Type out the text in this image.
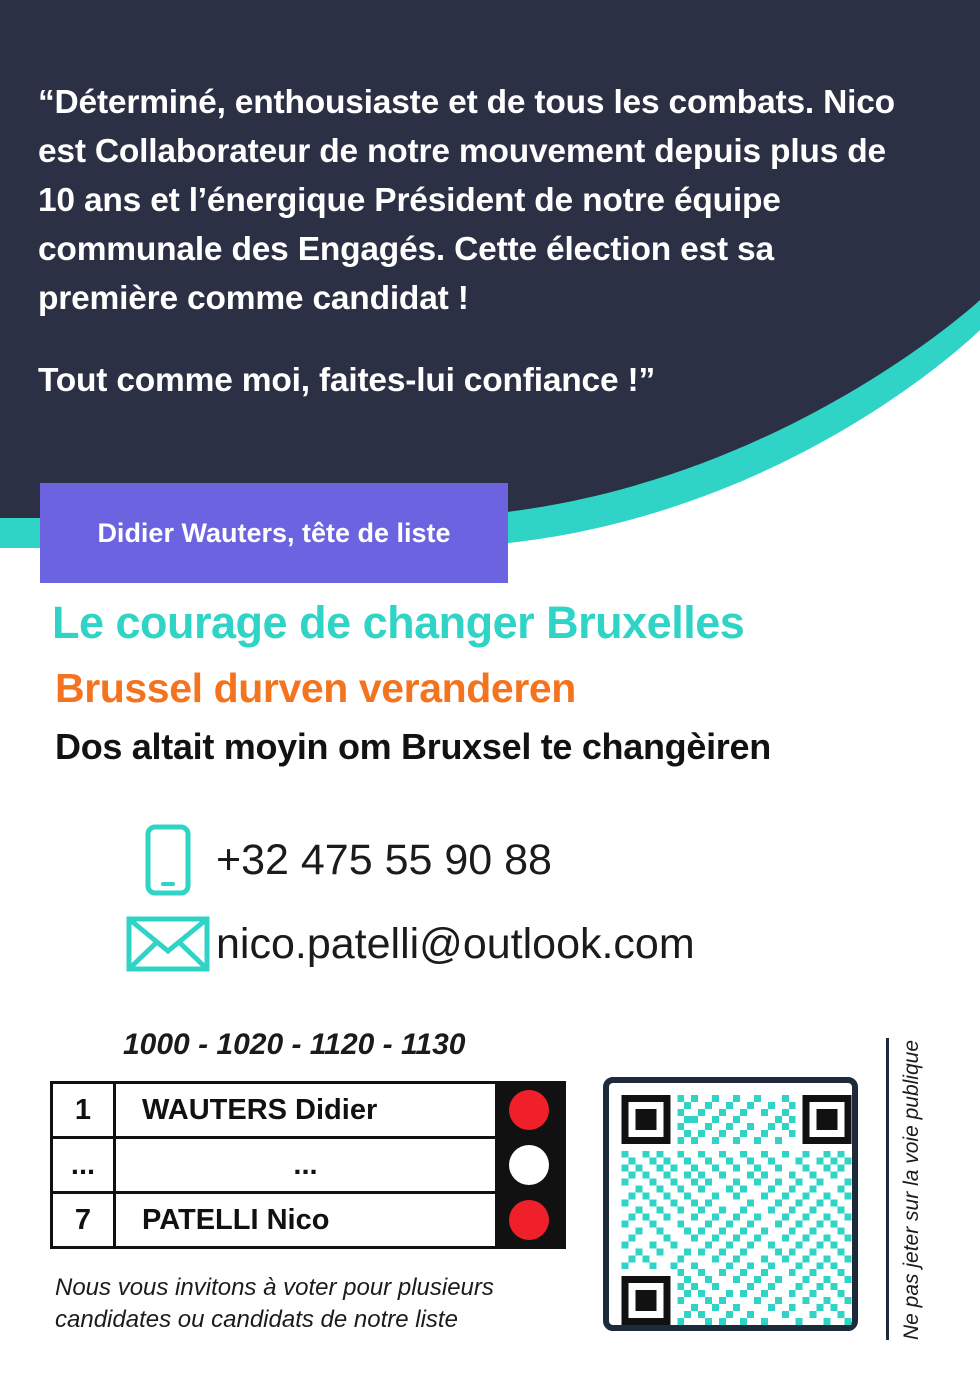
“Déterminé, enthousiaste et de tous les combats. Nico est Collaborateur de notre mouvement depuis plus de 10 ans et l’énergique Président de notre équipe communale des Engagés. Cette élection est sa première comme candidat !

Tout comme moi, faites-lui confiance !”

Didier Wauters, tête de liste
Le courage de changer Bruxelles
Brussel durven veranderen
Dos altait moyin om Bruxsel te changèiren
+32 475 55 90 88
nico.patelli@outlook.com
1000 - 1020 - 1120 - 1130
1	WAUTERS Didier
...	...
7	PATELLI Nico
Nous vous invitons à voter pour plusieurs candidates ou candidats de notre liste	Ne pas jeter sur la voie publique
